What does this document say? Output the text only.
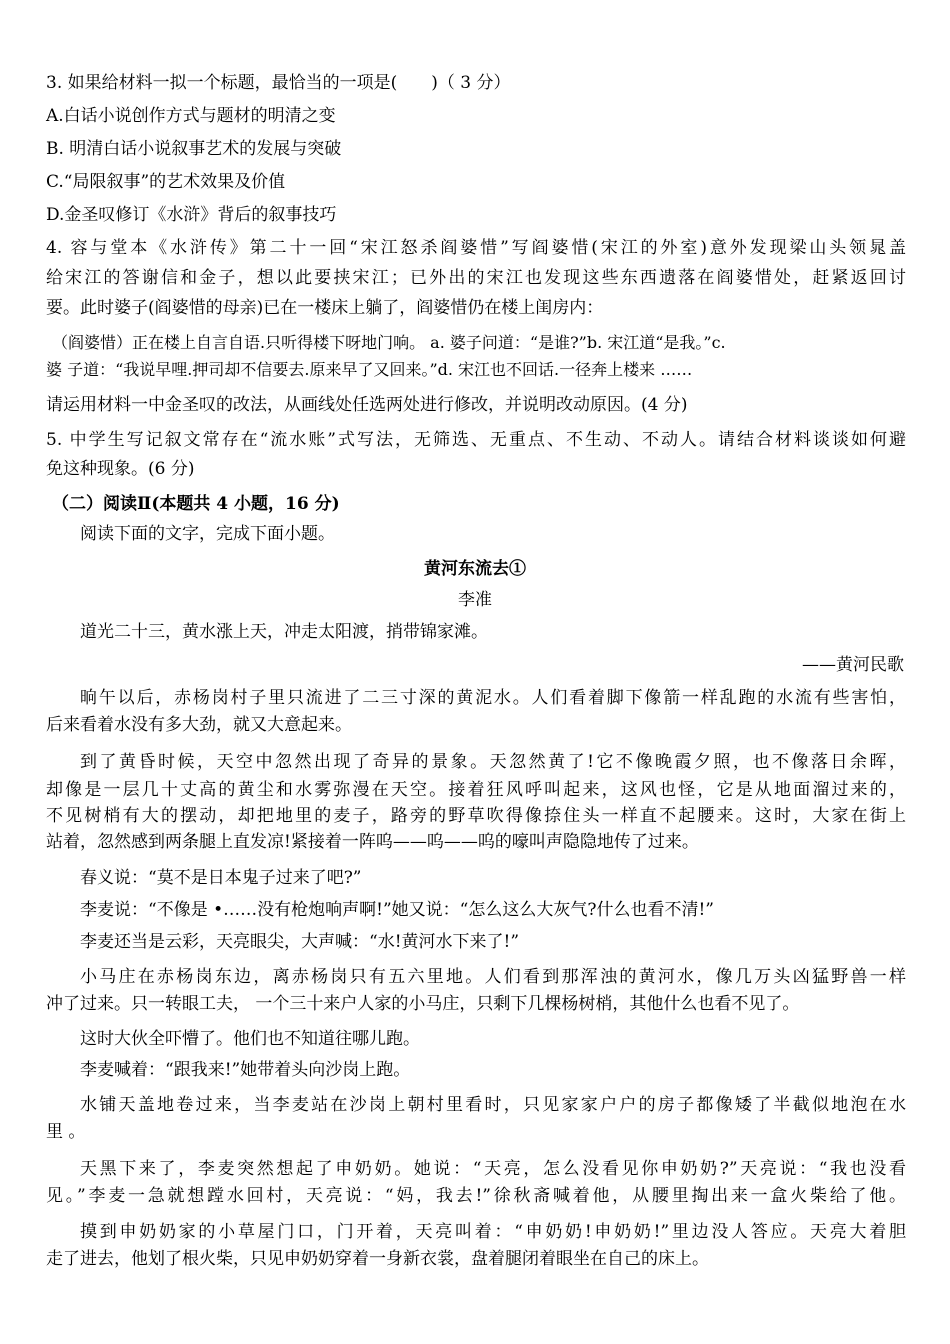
3. 如果给材料一拟一个标题，最恰当的一项是(　　)（ 3 分）
A.白话小说创作方式与题材的明清之变
B. 明清白话小说叙事艺术的发展与突破
C.“局限叙事”的艺术效果及价值
D.金圣叹修订《水浒》背后的叙事技巧
4. 容与堂本《水浒传》第二十一回“宋江怒杀阎婆惜”写阎婆惜(宋江的外室)意外发现梁山头领晁盖
给宋江的答谢信和金子，想以此要挟宋江；已外出的宋江也发现这些东西遗落在阎婆惜处，赶紧返回讨
要。此时婆子(阎婆惜的母亲)已在一楼床上躺了，阎婆惜仍在楼上闺房内：
（阎婆惜）正在楼上自言自语.只听得楼下呀地门响。 a. 婆子问道：“是谁?”b. 宋江道“是我。”c.
婆 子道：“我说早哩.押司却不信要去.原来早了又回来。”d. 宋江也不回话.一径奔上楼来 ……
请运用材料一中金圣叹的改法，从画线处任选两处进行修改，并说明改动原因。(4 分)
5. 中学生写记叙文常存在“流水账”式写法，无筛选、无重点、不生动、不动人。请结合材料谈谈如何避
免这种现象。(6 分)
（二）阅读Ⅱ(本题共 4 小题，16 分)
阅读下面的文字，完成下面小题。
黄河东流去①
李准
道光二十三，黄水涨上天，冲走太阳渡，捎带锦家滩。
——黄河民歌
晌午以后，赤杨岗村子里只流进了二三寸深的黄泥水。人们看着脚下像箭一样乱跑的水流有些害怕，
后来看着水没有多大劲，就又大意起来。
到了黄昏时候，天空中忽然出现了奇异的景象。天忽然黄了!它不像晚霞夕照，也不像落日余晖，
却像是一层几十丈高的黄尘和水雾弥漫在天空。接着狂风呼叫起来，这风也怪，它是从地面溜过来的，
不见树梢有大的摆动，却把地里的麦子，路旁的野草吹得像捺住头一样直不起腰来。这时，大家在街上
站着，忽然感到两条腿上直发凉!紧接着一阵呜——呜——呜的嚎叫声隐隐地传了过来。
春义说：“莫不是日本鬼子过来了吧?”
李麦说：“不像是 •……没有枪炮响声啊!”她又说：“怎么这么大灰气?什么也看不清!”
李麦还当是云彩，天亮眼尖，大声喊：“水!黄河水下来了!”
小马庄在赤杨岗东边，离赤杨岗只有五六里地。人们看到那浑浊的黄河水，像几万头凶猛野兽一样
冲了过来。只一转眼工夫， 一个三十来户人家的小马庄，只剩下几棵杨树梢，其他什么也看不见了。
这时大伙全吓懵了。他们也不知道往哪儿跑。
李麦喊着：“跟我来!”她带着头向沙岗上跑。
水铺天盖地卷过来，当李麦站在沙岗上朝村里看时，只见家家户户的房子都像矮了半截似地泡在水
里 。
天黑下来了，李麦突然想起了申奶奶。她说：“天亮，怎么没看见你申奶奶?”天亮说：“我也没看
见。”李麦一急就想蹚水回村，天亮说：“妈，我去!”徐秋斋喊着他，从腰里掏出来一盒火柴给了他。
摸到申奶奶家的小草屋门口，门开着，天亮叫着：“申奶奶!申奶奶!”里边没人答应。天亮大着胆
走了进去，他划了根火柴，只见申奶奶穿着一身新衣裳，盘着腿闭着眼坐在自己的床上。
